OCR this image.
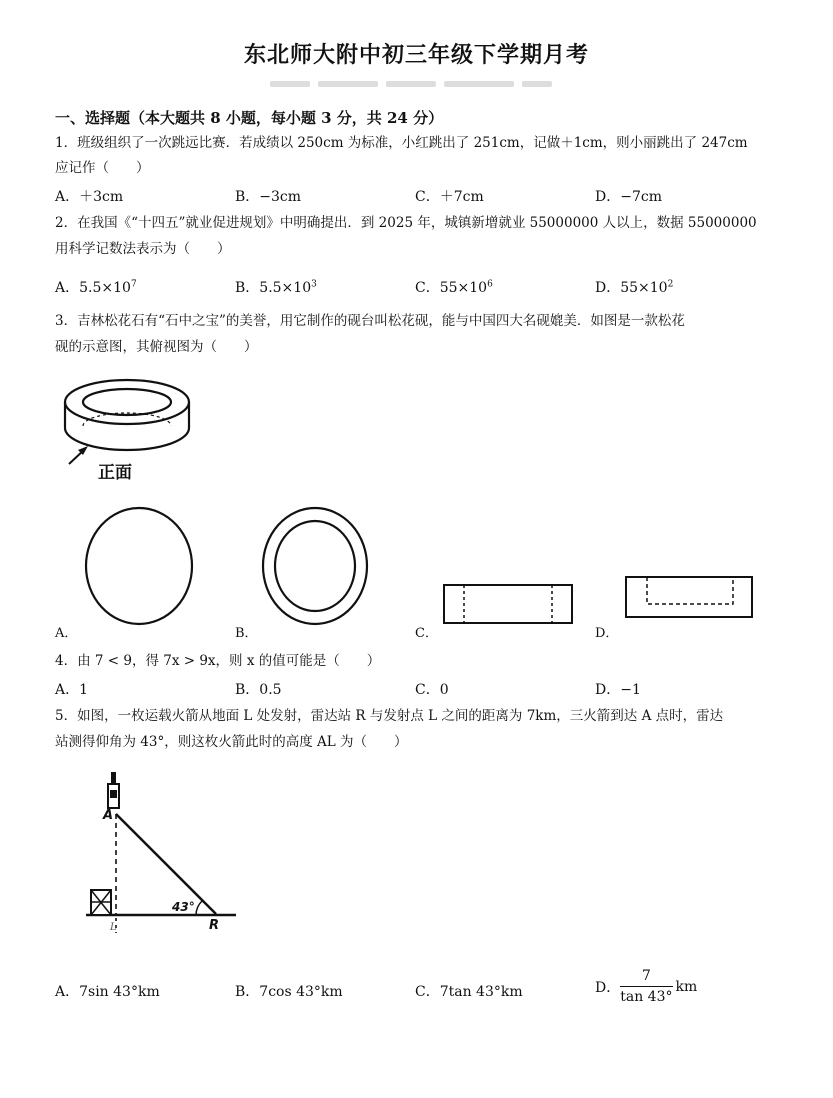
东北师大附中初三年级下学期月考
一、选择题（本大题共 8 小题，每小题 3 分，共 24 分）
1．班级组织了一次跳远比赛．若成绩以 250cm 为标准，小红跳出了 251cm，记做＋1cm，则小丽跳出了 247cm
应记作（　　）
A．＋3cm	B．−3cm	C．＋7cm	D．−7cm
2．在我国《“十四五”就业促进规划》中明确提出．到 2025 年，城镇新增就业 55000000 人以上，数据 55000000
用科学记数法表示为（　　）
A．$5.5\times 10^7$	B．$5.5\times 10^3$	C．$55\times 10^6$	D．$55\times 10^2$
3．吉林松花石有“石中之宝”的美誉，用它制作的砚台叫松花砚，能与中国四大名砚媲美．如图是一款松花
砚的示意图，其俯视图为（　　）
正面
A．	B．	C．	D．
4．由 7 < 9，得 7x > 9x，则 x 的值可能是（　　）
A．1	B．0.5	C．0	D．−1
5．如图，一枚运载火箭从地面 L 处发射，雷达站 R 与发射点 L 之间的距离为 7km，三火箭到达 A 点时，雷达
站测得仰角为 43°，则这枚火箭此时的高度 AL 为（　　）
A
R
L
43°
A．7sin 43°km	B．7cos 43°km	C．7tan 43°km	D． $\frac{7}{\tan 43^\circ}$ km
